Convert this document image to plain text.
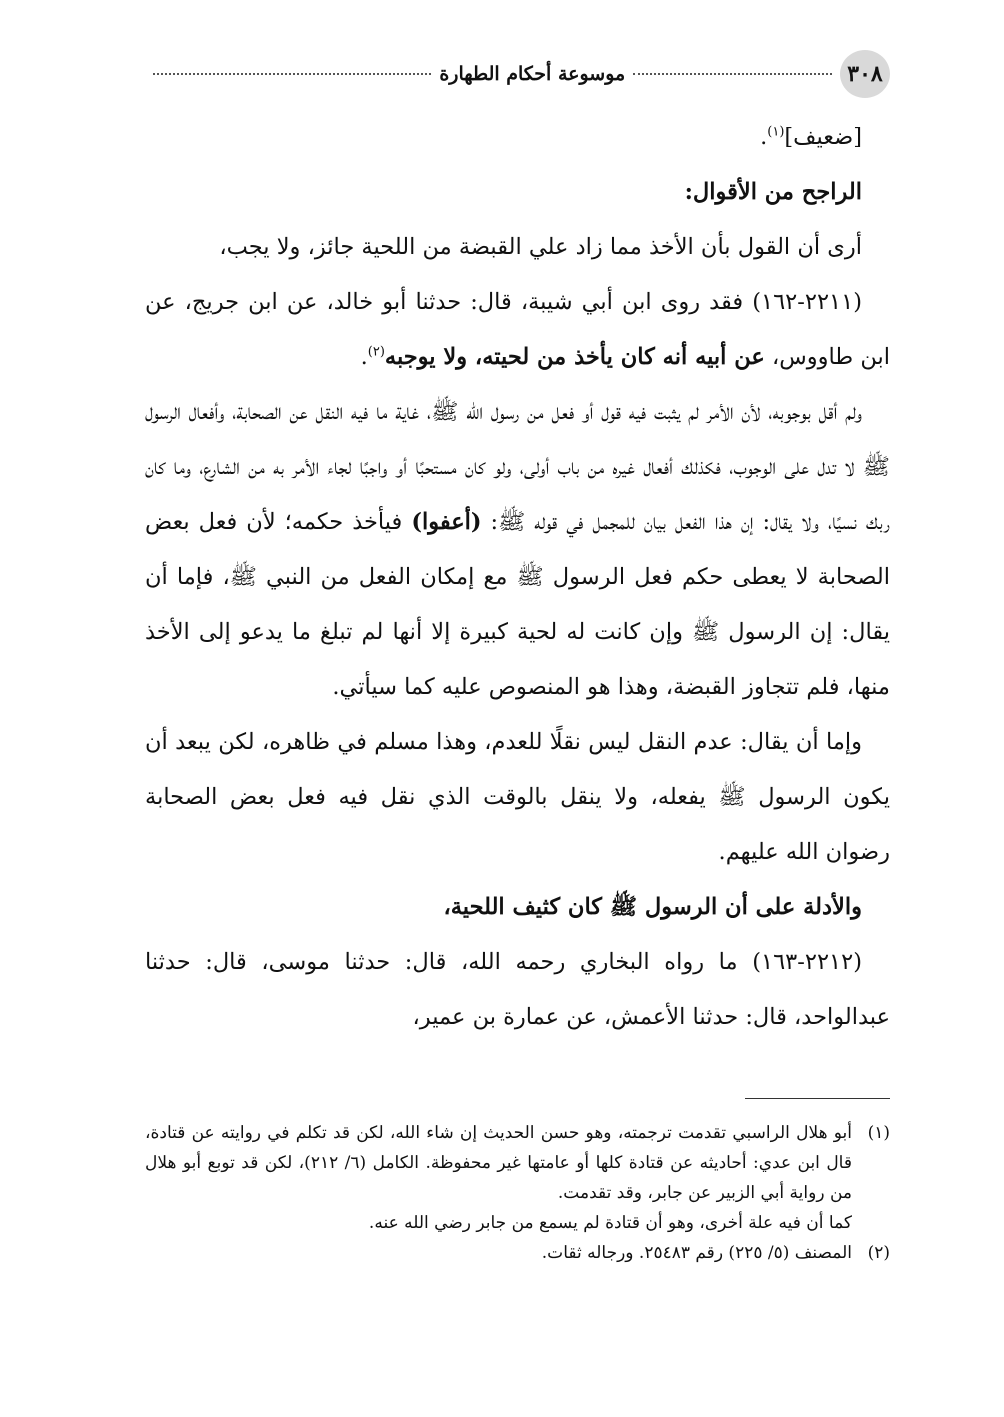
٣٠٨
موسوعة أحكام الطهارة

[ضعيف]$^{(١)}$.

الراجح من الأقوال:

أرى أن القول بأن الأخذ مما زاد علي القبضة من اللحية جائز، ولا يجب،

(٢٢١١-١٦٢) فقد روى ابن أبي شيبة، قال: حدثنا أبو خالد، عن ابن جريج، عن ابن طاووس، عن أبيه أنه كان يأخذ من لحيته، ولا يوجبه$^{(٢)}$.

ولم أقل بوجوبه، لأن الأمر لم يثبت فيه قول أو فعل من رسول الله ﷺ، غاية ما فيه النقل عن الصحابة، وأفعال الرسول ﷺ لا تدل على الوجوب، فكذلك أفعال غيره من باب أولى، ولو كان مستحبًا أو واجبًا لجاء الأمر به من الشارع، وما كان ربك نسيًا، ولا يقال: إن هذا الفعل بيان للمجمل في قوله ﷺ: (أعفوا) فيأخذ حكمه؛ لأن فعل بعض الصحابة لا يعطى حكم فعل الرسول ﷺ مع إمكان الفعل من النبي ﷺ، فإما أن يقال: إن الرسول ﷺ وإن كانت له لحية كبيرة إلا أنها لم تبلغ ما يدعو إلى الأخذ منها، فلم تتجاوز القبضة، وهذا هو المنصوص عليه كما سيأتي.

وإما أن يقال: عدم النقل ليس نقلًا للعدم، وهذا مسلم في ظاهره، لكن يبعد أن يكون الرسول ﷺ يفعله، ولا ينقل بالوقت الذي نقل فيه فعل بعض الصحابة رضوان الله عليهم.

والأدلة على أن الرسول ﷺ كان كثيف اللحية،

(٢٢١٢-١٦٣) ما رواه البخاري رحمه الله، قال: حدثنا موسى، قال: حدثنا عبدالواحد، قال: حدثنا الأعمش، عن عمارة بن عمير،

(١)
أبو هلال الراسبي تقدمت ترجمته، وهو حسن الحديث إن شاء الله، لكن قد تكلم في روايته عن قتادة، قال ابن عدي: أحاديثه عن قتادة كلها أو عامتها غير محفوظة. الكامل (٦/ ٢١٢)، لكن قد توبع أبو هلال من رواية أبي الزبير عن جابر، وقد تقدمت.
كما أن فيه علة أخرى، وهو أن قتادة لم يسمع من جابر رضي الله عنه.
(٢)
المصنف (٥/ ٢٢٥) رقم ٢٥٤٨٣. ورجاله ثقات.
